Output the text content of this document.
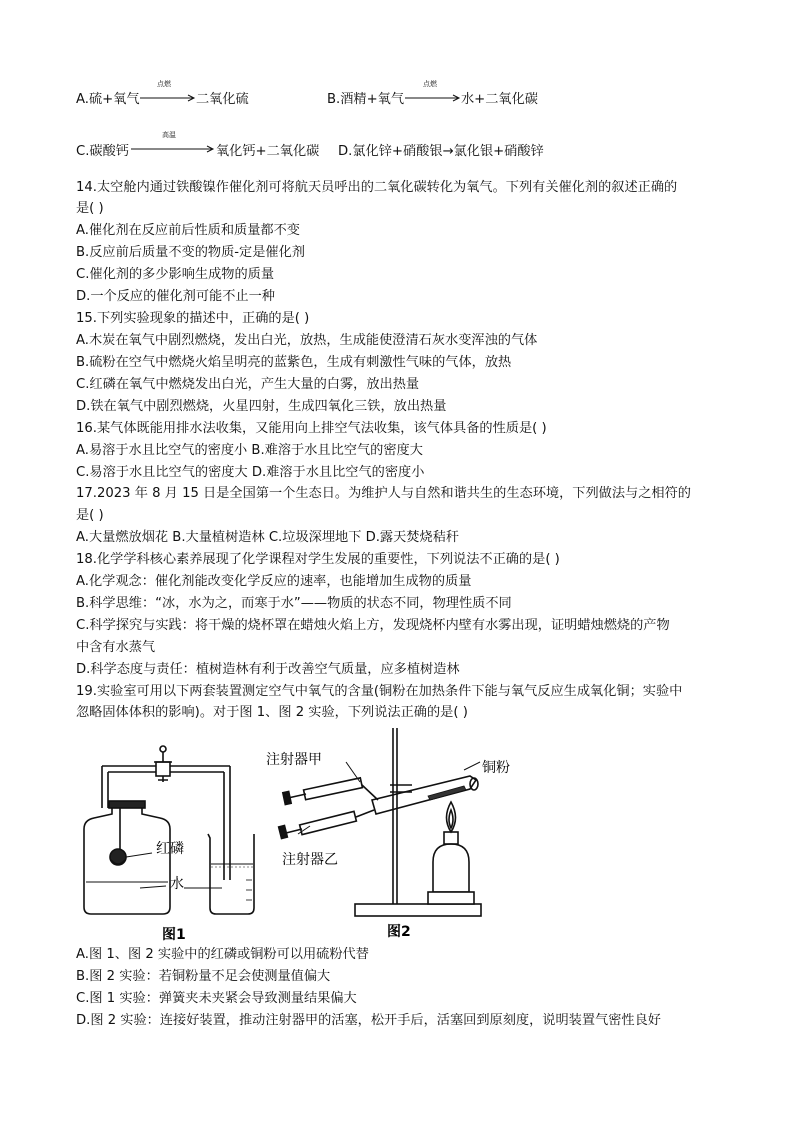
A.硫+氧气 →
点燃
二氧化硫	B.酒精+氧气 →
点燃
水+二氧化碳
C.碳酸钙
高温
氧化钙+二氧化碳 D.氯化锌+硝酸银→氯化银+硝酸锌
14.太空舱内通过铁酸镍作催化剂可将航天员呼出的二氧化碳转化为氧气。下列有关催化剂的叙述正确的
是( )
A.催化剂在反应前后性质和质量都不变
B.反应前后质量不变的物质-定是催化剂
C.催化剂的多少影响生成物的质量
D.一个反应的催化剂可能不止一种
15.下列实验现象的描述中，正确的是( )
A.木炭在氧气中剧烈燃烧，发出白光，放热，生成能使澄清石灰水变浑浊的气体
B.硫粉在空气中燃烧火焰呈明亮的蓝紫色，生成有刺激性气味的气体，放热
C.红磷在氧气中燃烧发出白光，产生大量的白雾，放出热量
D.铁在氧气中剧烈燃烧，火星四射，生成四氧化三铁，放出热量
16.某气体既能用排水法收集，又能用向上排空气法收集，该气体具备的性质是( )
A.易溶于水且比空气的密度小 B.难溶于水且比空气的密度大
C.易溶于水且比空气的密度大 D.难溶于水且比空气的密度小
17.2023 年 8 月 15 日是全国第一个生态日。为维护人与自然和谐共生的生态环境，下列做法与之相符的
是( )
A.大量燃放烟花 B.大量植树造林 C.垃圾深埋地下 D.露天焚烧秸秆
18.化学学科核心素养展现了化学课程对学生发展的重要性，下列说法不正确的是( )
A.化学观念：催化剂能改变化学反应的速率，也能增加生成物的质量
B.科学思维：“冰，水为之，而寒于水”——物质的状态不同，物理性质不同
C.科学探究与实践：将干燥的烧杯罩在蜡烛火焰上方，发现烧杯内壁有水雾出现，证明蜡烛燃烧的产物
中含有水蒸气
D.科学态度与责任：植树造林有利于改善空气质量，应多植树造林
19.实验室可用以下两套装置测定空气中氧气的含量(铜粉在加热条件下能与氧气反应生成氧化铜；实验中
忽略固体体积的影响)。对于图 1、图 2 实验，下列说法正确的是( )
红磷
水
图1
注射器甲
注射器乙
铜粉
图2
A.图 1、图 2 实验中的红磷或铜粉可以用硫粉代替
B.图 2 实验：若铜粉量不足会使测量值偏大
C.图 1 实验：弹簧夹未夹紧会导致测量结果偏大
D.图 2 实验：连接好装置，推动注射器甲的活塞，松开手后，活塞回到原刻度，说明装置气密性良好
